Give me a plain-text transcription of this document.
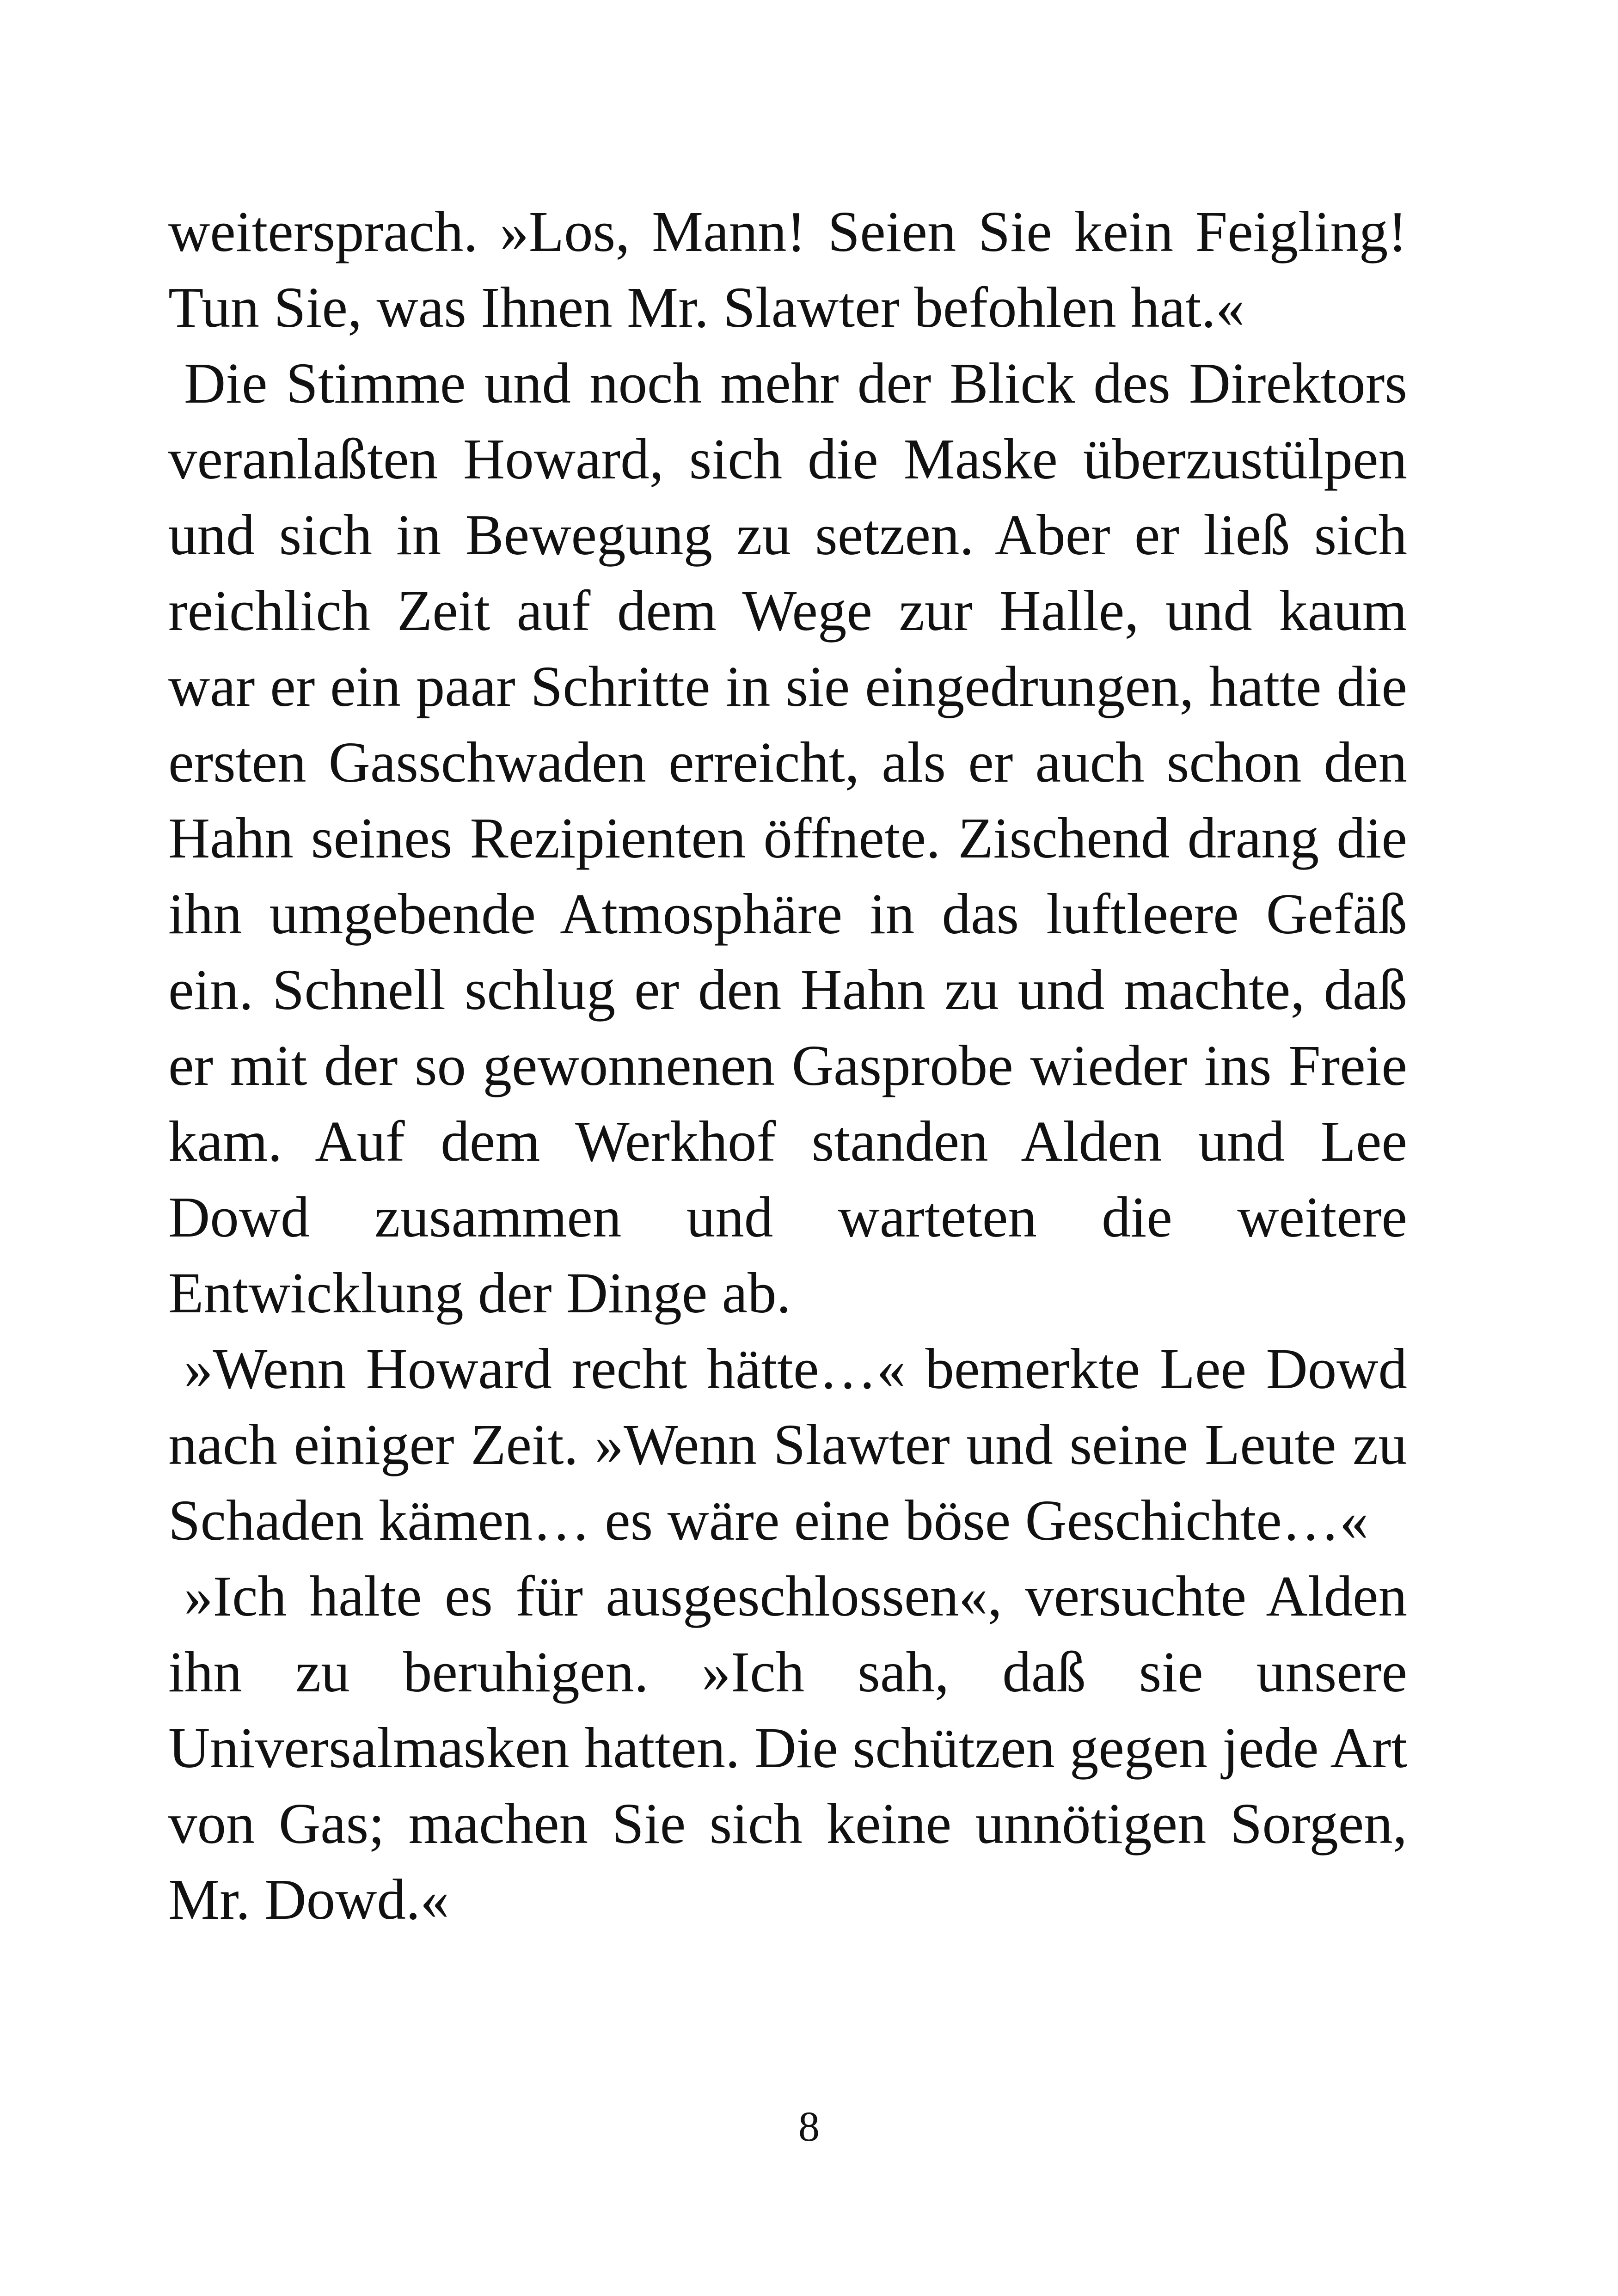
weitersprach. »Los, Mann! Seien Sie kein Feigling!
Tun Sie, was Ihnen Mr. Slawter befohlen hat.«
Die Stimme und noch mehr der Blick des Direktors
veranlaßten Howard, sich die Maske überzustülpen
und sich in Bewegung zu setzen. Aber er ließ sich
reichlich Zeit auf dem Wege zur Halle, und kaum
war er ein paar Schritte in sie eingedrungen, hatte die
ersten Gasschwaden erreicht, als er auch schon den
Hahn seines Rezipienten öffnete. Zischend drang die
ihn umgebende Atmosphäre in das luftleere Gefäß
ein. Schnell schlug er den Hahn zu und machte, daß
er mit der so gewonnenen Gasprobe wieder ins Freie
kam. Auf dem Werkhof standen Alden und Lee
Dowd zusammen und warteten die weitere
Entwicklung der Dinge ab.
»Wenn Howard recht hätte…« bemerkte Lee Dowd
nach einiger Zeit. »Wenn Slawter und seine Leute zu
Schaden kämen… es wäre eine böse Geschichte…«
»Ich halte es für ausgeschlossen«, versuchte Alden
ihn zu beruhigen. »Ich sah, daß sie unsere
Universalmasken hatten. Die schützen gegen jede Art
von Gas; machen Sie sich keine unnötigen Sorgen,
Mr. Dowd.«
8
